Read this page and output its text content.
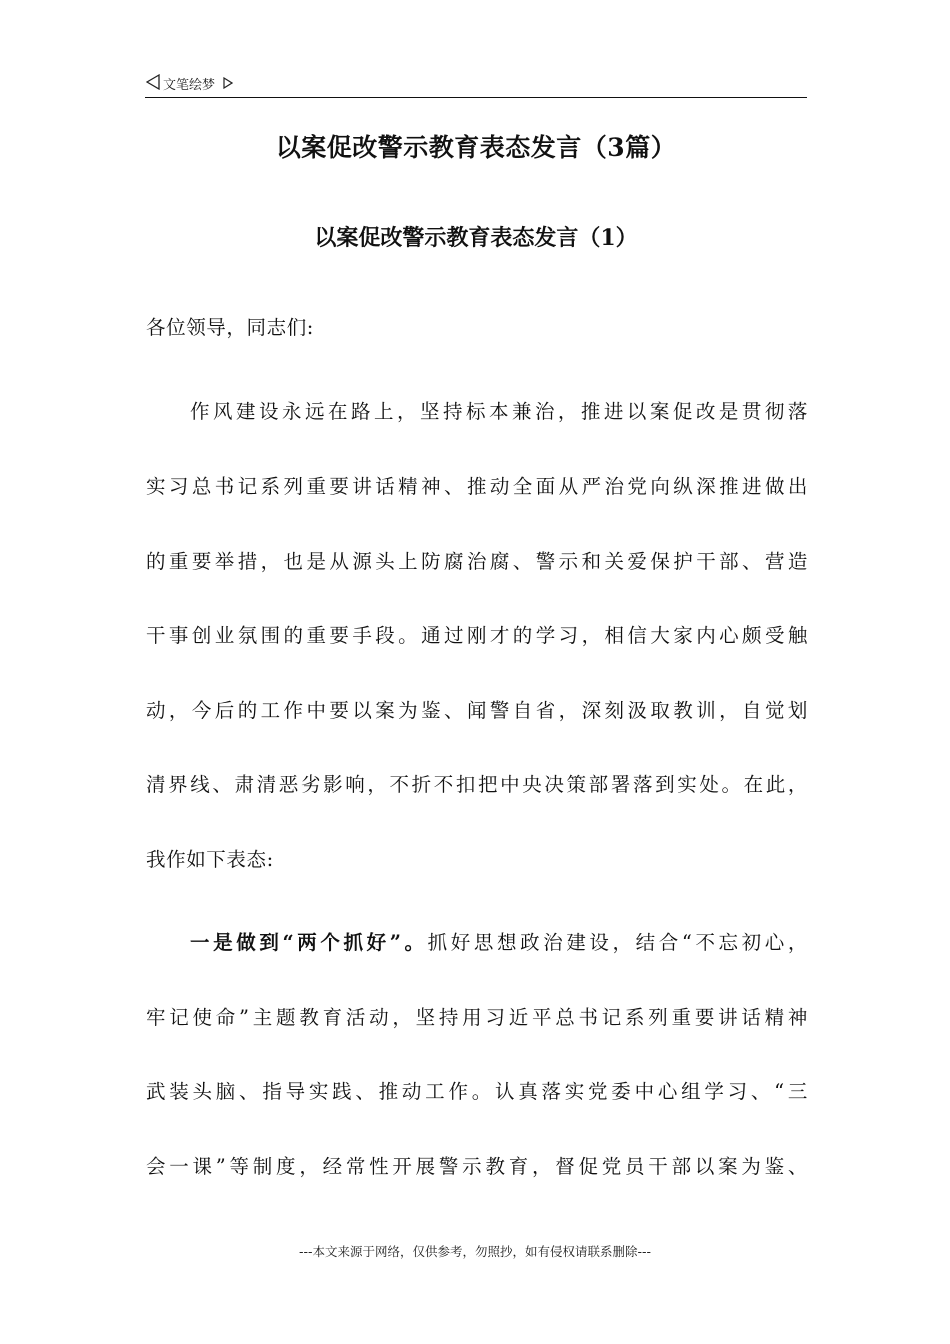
文笔绘梦
以案促改警示教育表态发言（3篇）
以案促改警示教育表态发言（1）
各位领导，同志们:
作风建设永远在路上，坚持标本兼治，推进以案促改是贯彻落
实习总书记系列重要讲话精神、推动全面从严治党向纵深推进做出
的重要举措，也是从源头上防腐治腐、警示和关爱保护干部、营造
干事创业氛围的重要手段。通过刚才的学习，相信大家内心颇受触
动，今后的工作中要以案为鉴、闻警自省，深刻汲取教训，自觉划
清界线、肃清恶劣影响，不折不扣把中央决策部署落到实处。在此，
我作如下表态:
一是做到“两个抓好”。抓好思想政治建设，结合“不忘初心，
牢记使命”主题教育活动，坚持用习近平总书记系列重要讲话精神
武装头脑、指导实践、推动工作。认真落实党委中心组学习、“三
会一课”等制度，经常性开展警示教育，督促党员干部以案为鉴、
---本文来源于网络，仅供参考，勿照抄，如有侵权请联系删除---
